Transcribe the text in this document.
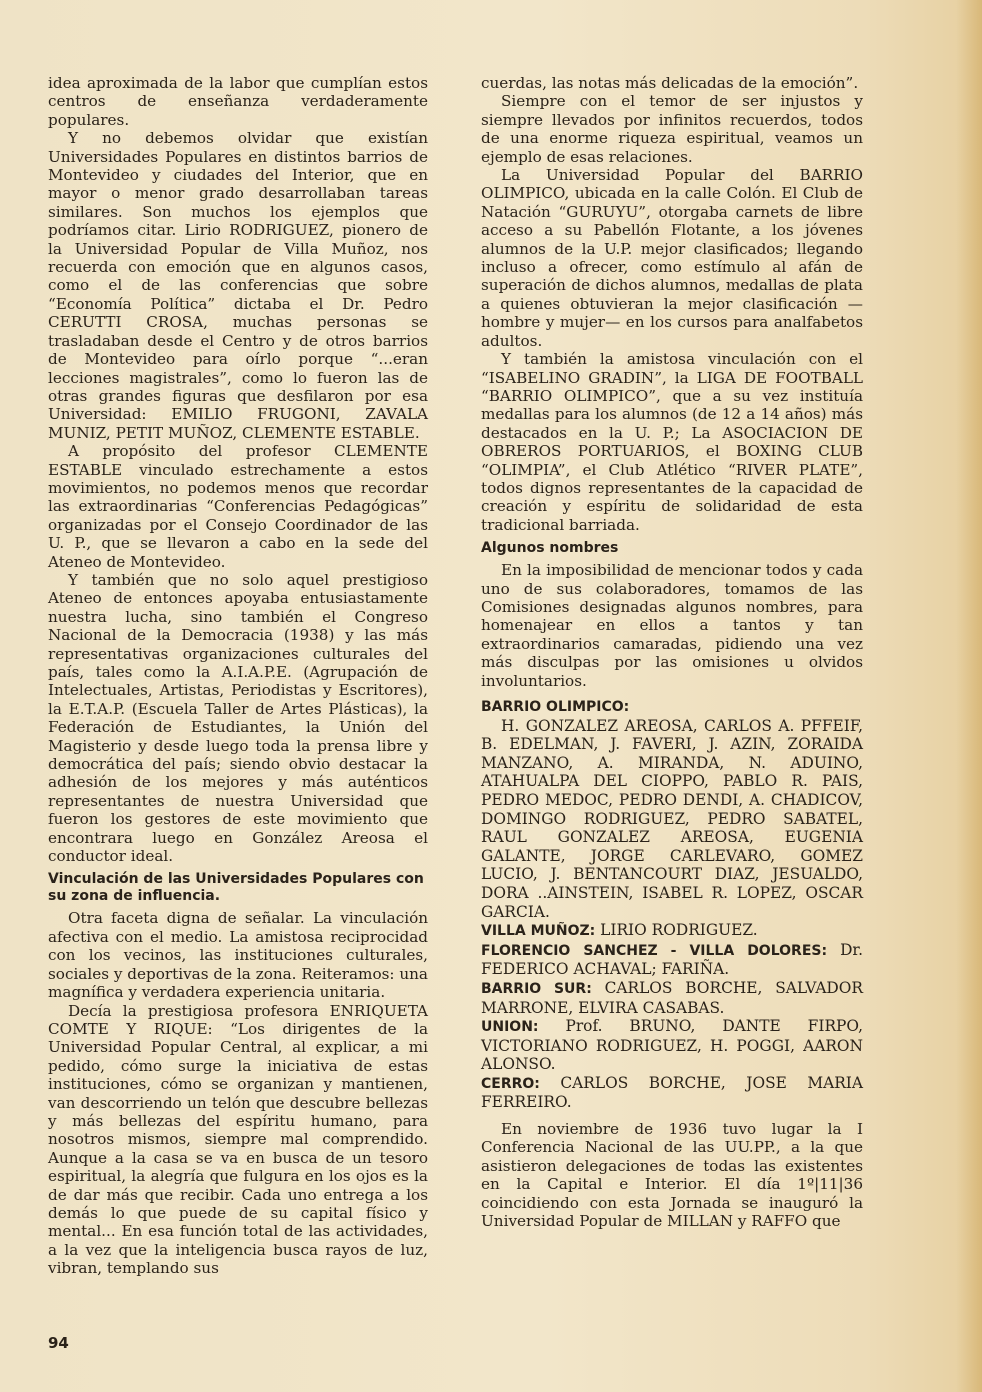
idea aproximada de la labor que cumplían estos centros de enseñanza verdaderamente populares.

Y no debemos olvidar que existían Universidades Populares en distintos barrios de Montevideo y ciudades del Interior, que en mayor o menor grado desarrollaban tareas similares. Son muchos los ejemplos que podríamos citar. Lirio RODRIGUEZ, pionero de la Universidad Popular de Villa Muñoz, nos recuerda con emoción que en algunos casos, como el de las conferencias que sobre “Economía Política” dictaba el Dr. Pedro CERUTTI CROSA, muchas personas se trasladaban desde el Centro y de otros barrios de Montevideo para oírlo porque “...eran lecciones magistrales”, como lo fueron las de otras grandes figuras que desfilaron por esa Universidad: EMILIO FRUGONI, ZAVALA MUNIZ, PETIT MUÑOZ, CLEMENTE ESTABLE.

A propósito del profesor CLEMENTE ESTABLE vinculado estrechamente a estos movimientos, no podemos menos que recordar las extraordinarias “Conferencias Pedagógicas” organizadas por el Consejo Coordinador de las U. P., que se llevaron a cabo en la sede del Ateneo de Montevideo.

Y también que no solo aquel prestigioso Ateneo de entonces apoyaba entusiastamente nuestra lucha, sino también el Congreso Nacional de la Democracia (1938) y las más representativas organizaciones culturales del país, tales como la A.I.A.P.E. (Agrupación de Intelectuales, Artistas, Periodistas y Escritores), la E.T.A.P. (Escuela Taller de Artes Plásticas), la Federación de Estudiantes, la Unión del Magisterio y desde luego toda la prensa libre y democrática del país; siendo obvio destacar la adhesión de los mejores y más auténticos representantes de nuestra Universidad que fueron los gestores de este movimiento que encontrara luego en González Areosa el conductor ideal.

Vinculación de las Universidades Populares con su zona de influencia.

Otra faceta digna de señalar. La vinculación afectiva con el medio. La amistosa reciprocidad con los vecinos, las instituciones culturales, sociales y deportivas de la zona. Reiteramos: una magnífica y verdadera experiencia unitaria.

Decía la prestigiosa profesora ENRIQUETA COMTE Y RIQUE: “Los dirigentes de la Universidad Popular Central, al explicar, a mi pedido, cómo surge la iniciativa de estas instituciones, cómo se organizan y mantienen, van descorriendo un telón que descubre bellezas y más bellezas del espíritu humano, para nosotros mismos, siempre mal comprendido. Aunque a la casa se va en busca de un tesoro espiritual, la alegría que fulgura en los ojos es la de dar más que recibir. Cada uno entrega a los demás lo que puede de su capital físico y mental... En esa función total de las actividades, a la vez que la inteligencia busca rayos de luz, vibran, templando sus

cuerdas, las notas más delicadas de la emoción”.

Siempre con el temor de ser injustos y siempre llevados por infinitos recuerdos, todos de una enorme riqueza espiritual, veamos un ejemplo de esas relaciones.

La Universidad Popular del BARRIO OLIMPICO, ubicada en la calle Colón. El Club de Natación “GURUYU”, otorgaba carnets de libre acceso a su Pabellón Flotante, a los jóvenes alumnos de la U.P. mejor clasificados; llegando incluso a ofrecer, como estímulo al afán de superación de dichos alumnos, medallas de plata a quienes obtuvieran la mejor clasificación —hombre y mujer— en los cursos para analfabetos adultos.

Y también la amistosa vinculación con el “ISABELINO GRADIN”, la LIGA DE FOOTBALL “BARRIO OLIMPICO”, que a su vez instituía medallas para los alumnos (de 12 a 14 años) más destacados en la U. P.; La ASOCIACION DE OBREROS PORTUARIOS, el BOXING CLUB “OLIMPIA”, el Club Atlético “RIVER PLATE”, todos dignos representantes de la capacidad de creación y espíritu de solidaridad de esta tradicional barriada.

Algunos nombres

En la imposibilidad de mencionar todos y cada uno de sus colaboradores, tomamos de las Comisiones designadas algunos nombres, para homenajear en ellos a tantos y tan extraordinarios camaradas, pidiendo una vez más disculpas por las omisiones u olvidos involuntarios.

BARRIO OLIMPICO:

H. GONZALEZ AREOSA, CARLOS A. PFFEIF, B. EDELMAN, J. FAVERI, J. AZIN, ZORAIDA MANZANO, A. MIRANDA, N. ADUINO, ATAHUALPA DEL CIOPPO, PABLO R. PAIS, PEDRO MEDOC, PEDRO DENDI, A. CHADICOV, DOMINGO RODRIGUEZ, PEDRO SABATEL, RAUL GONZALEZ AREOSA, EUGENIA GALANTE, JORGE CARLEVARO, GOMEZ LUCIO, J. BENTANCOURT DIAZ, JESUALDO, DORA ..AINSTEIN, ISABEL R. LOPEZ, OSCAR GARCIA.

VILLA MUÑOZ: LIRIO RODRIGUEZ.

FLORENCIO SANCHEZ - VILLA DOLORES: Dr. FEDERICO ACHAVAL; FARIÑA.

BARRIO SUR: CARLOS BORCHE, SALVADOR MARRONE, ELVIRA CASABAS.

UNION: Prof. BRUNO, DANTE FIRPO, VICTORIANO RODRIGUEZ, H. POGGI, AARON ALONSO.

CERRO: CARLOS BORCHE, JOSE MARIA FERREIRO.

En noviembre de 1936 tuvo lugar la I Conferencia Nacional de las UU.PP., a la que asistieron delegaciones de todas las existentes en la Capital e Interior. El día 1º|11|36 coincidiendo con esta Jornada se inauguró la Universidad Popular de MILLAN y RAFFO que

94
